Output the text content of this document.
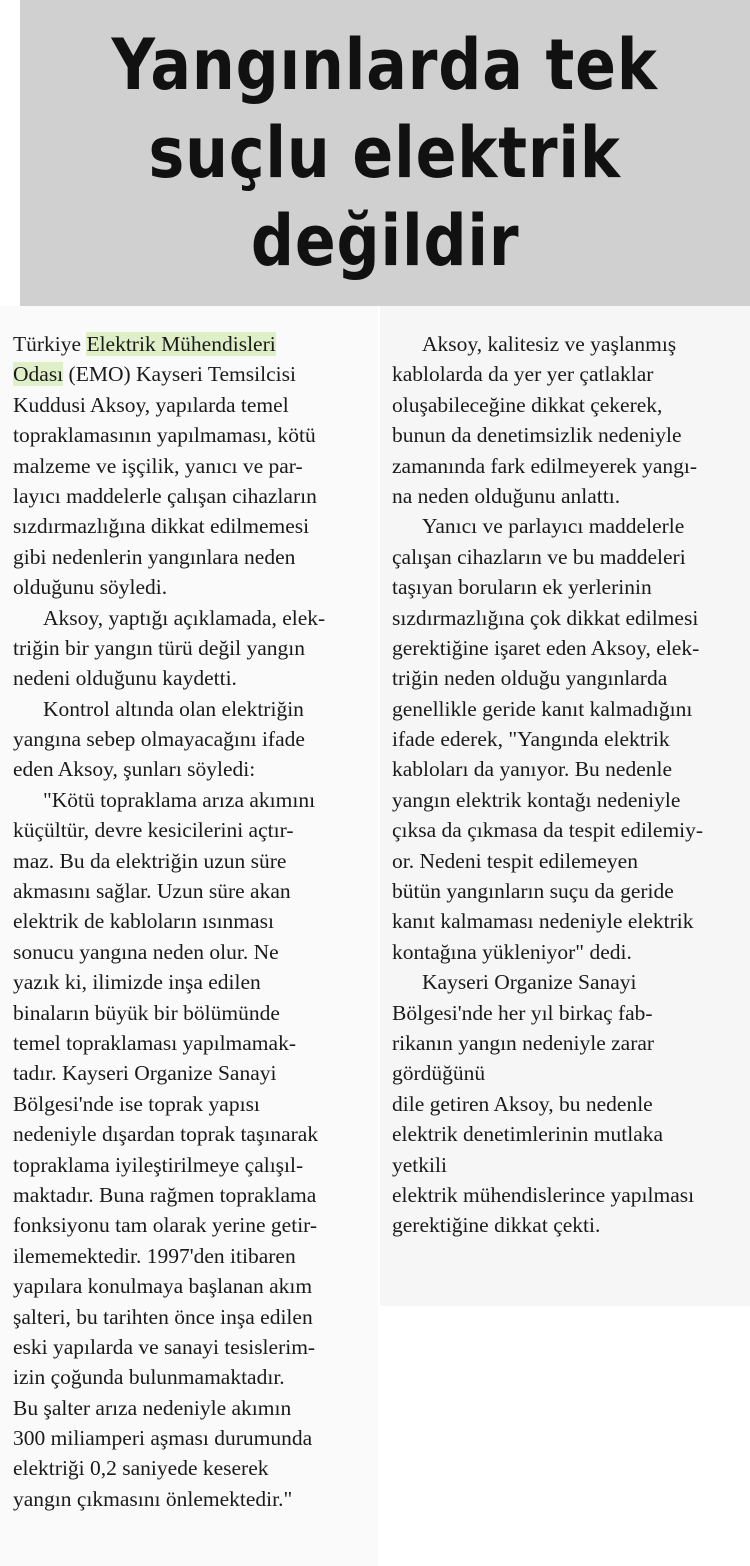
Yangınlarda tek
suçlu elektrik
değildir
Türkiye Elektrik Mühendisleri
Odası (EMO) Kayseri Temsilcisi
Kuddusi Aksoy, yapılarda temel
topraklamasının yapılmaması, kötü
malzeme ve işçilik, yanıcı ve par-
layıcı maddelerle çalışan cihazların
sızdırmazlığına dikkat edilmemesi
gibi nedenlerin yangınlara neden
olduğunu söyledi.
Aksoy, yaptığı açıklamada, elek-
triğin bir yangın türü değil yangın
nedeni olduğunu kaydetti.
Kontrol altında olan elektriğin
yangına sebep olmayacağını ifade
eden Aksoy, şunları söyledi:
"Kötü topraklama arıza akımını
küçültür, devre kesicilerini açtır-
maz. Bu da elektriğin uzun süre
akmasını sağlar. Uzun süre akan
elektrik de kabloların ısınması
sonucu yangına neden olur. Ne
yazık ki, ilimizde inşa edilen
binaların büyük bir bölümünde
temel topraklaması yapılmamak-
tadır. Kayseri Organize Sanayi
Bölgesi'nde ise toprak yapısı
nedeniyle dışardan toprak taşınarak
topraklama iyileştirilmeye çalışıl-
maktadır. Buna rağmen topraklama
fonksiyonu tam olarak yerine getir-
ilememektedir. 1997'den itibaren
yapılara konulmaya başlanan akım
şalteri, bu tarihten önce inşa edilen
eski yapılarda ve sanayi tesislerim-
izin çoğunda bulunmamaktadır.
Bu şalter arıza nedeniyle akımın
300 miliamperi aşması durumunda
elektriği 0,2 saniyede keserek
yangın çıkmasını önlemektedir."
Aksoy, kalitesiz ve yaşlanmış
kablolarda da yer yer çatlaklar
oluşabileceğine dikkat çekerek,
bunun da denetimsizlik nedeniyle
zamanında fark edilmeyerek yangı-
na neden olduğunu anlattı.
Yanıcı ve parlayıcı maddelerle
çalışan cihazların ve bu maddeleri
taşıyan boruların ek yerlerinin
sızdırmazlığına çok dikkat edilmesi
gerektiğine işaret eden Aksoy, elek-
triğin neden olduğu yangınlarda
genellikle geride kanıt kalmadığını
ifade ederek, "Yangında elektrik
kabloları da yanıyor. Bu nedenle
yangın elektrik kontağı nedeniyle
çıksa da çıkmasa da tespit edilemiy-
or. Nedeni tespit edilemeyen
bütün yangınların suçu da geride
kanıt kalmaması nedeniyle elektrik
kontağına yükleniyor" dedi.
Kayseri Organize Sanayi
Bölgesi'nde her yıl birkaç fab-
rikanın yangın nedeniyle zarar
gördüğünü
dile getiren Aksoy, bu nedenle
elektrik denetimlerinin mutlaka
yetkili
elektrik mühendislerince yapılması
gerektiğine dikkat çekti.
